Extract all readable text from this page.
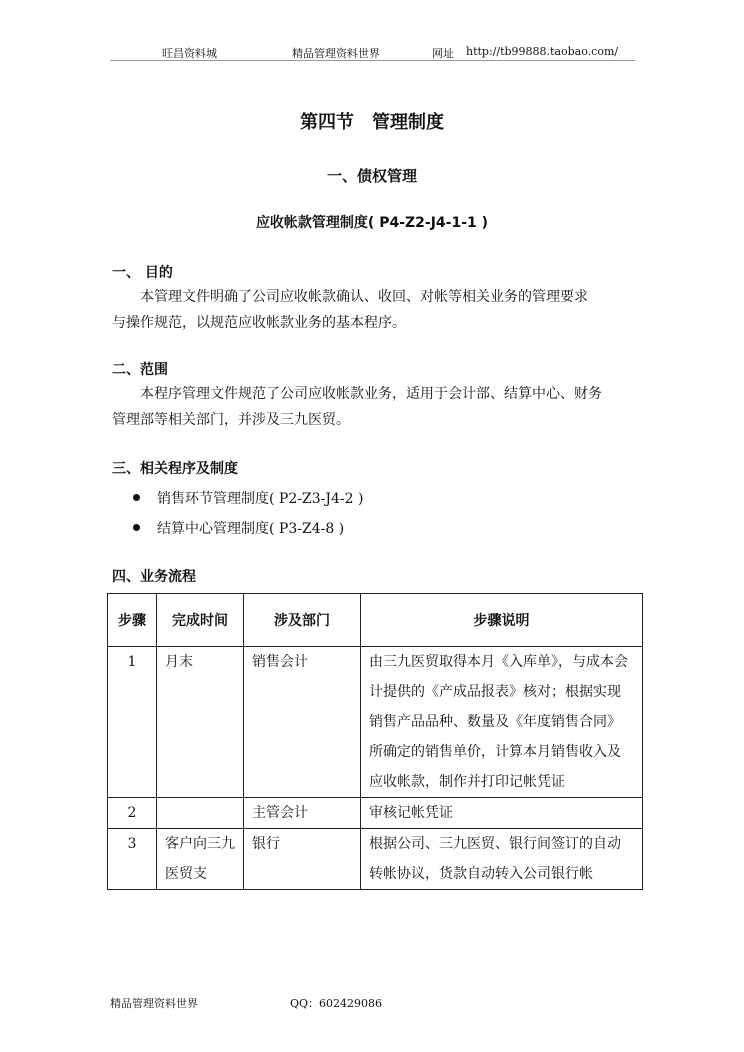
旺昌资料城	精品管理资料世界	网址 http://tb99888.taobao.com/
第四节　管理制度
一、债权管理
应收帐款管理制度( P4-Z2-J4-1-1 )
一、 目的
本管理文件明确了公司应收帐款确认、收回、对帐等相关业务的管理要求
与操作规范，以规范应收帐款业务的基本程序。
二、范围
本程序管理文件规范了公司应收帐款业务，适用于会计部、结算中心、财务
管理部等相关部门，并涉及三九医贸。
三、相关程序及制度
销售环节管理制度( P2-Z3-J4-2 )
结算中心管理制度( P3-Z4-8 )
四、业务流程
步骤	完成时间	涉及部门	步骤说明
1	月末	销售会计	由三九医贸取得本月《入库单》，与成本会计提供的《产成品报表》核对；根据实现销售产品品种、数量及《年度销售合同》所确定的销售单价，计算本月销售收入及应收帐款，制作并打印记帐凭证
2		主管会计	审核记帐凭证
3	客户向三九医贸支	银行	根据公司、三九医贸、银行间签订的自动转帐协议，货款自动转入公司银行帐
精品管理资料世界	QQ：602429086
